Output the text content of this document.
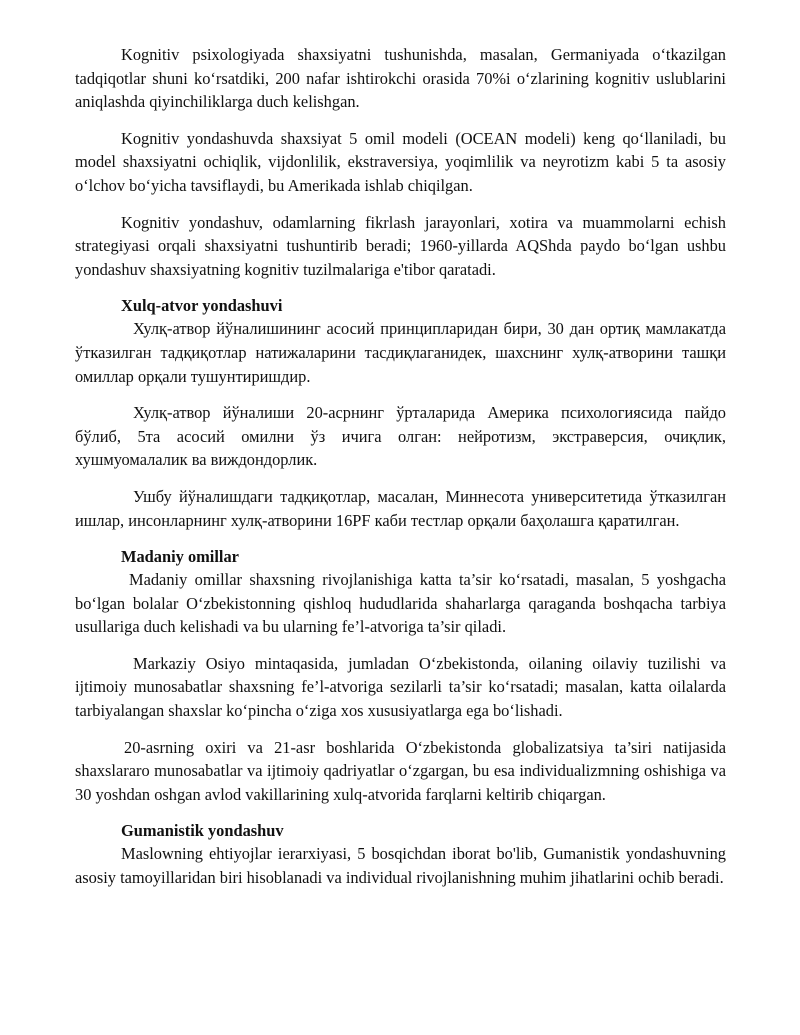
Kognitiv psixologiyada shaxsiyatni tushunishda, masalan, Germaniyada oʻtkazilgan tadqiqotlar shuni koʻrsatdiki, 200 nafar ishtirokchi orasida 70%i oʻzlarining kognitiv uslublarini aniqlashda qiyinchiliklarga duch kelishgan.

Kognitiv yondashuvda shaxsiyat 5 omil modeli (OCEAN modeli) keng qoʻllaniladi, bu model shaxsiyatni ochiqlik, vijdonlilik, ekstraversiya, yoqimlilik va neyrotizm kabi 5 ta asosiy oʻlchov boʻyicha tavsiflaydi, bu Amerikada ishlab chiqilgan.

Kognitiv yondashuv, odamlarning fikrlash jarayonlari, xotira va muammolarni echish strategiyasi orqali shaxsiyatni tushuntirib beradi; 1960-yillarda AQShda paydo boʻlgan ushbu yondashuv shaxsiyatning kognitiv tuzilmalariga e'tibor qaratadi.

Xulq-atvor yondashuvi

Хулқ-атвор йўналишининг асосий принципларидан бири, 30 дан ортиқ мамлакатда ўтказилган тадқиқотлар натижаларини тасдиқлаганидек, шахснинг хулқ-атворини ташқи омиллар орқали тушунтиришдир.

Хулқ-атвор йўналиши 20-асрнинг ўрталарида Америка психологиясида пайдо бўлиб, 5та асосий омилни ўз ичига олган: нейротизм, экстраверсия, очиқлик, хушмуомалалик ва виждондорлик.

Ушбу йўналишдаги тадқиқотлар, масалан, Миннесота университетида ўтказилган ишлар, инсонларнинг хулқ-атворини 16PF каби тестлар орқали баҳолашга қаратилган.

Madaniy omillar

Madaniy omillar shaxsning rivojlanishiga katta ta’sir koʻrsatadi, masalan, 5 yoshgacha boʻlgan bolalar Oʻzbekistonning qishloq hududlarida shaharlarga qaraganda boshqacha tarbiya usullariga duch kelishadi va bu ularning fe’l-atvoriga ta’sir qiladi.

Markaziy Osiyo mintaqasida, jumladan Oʻzbekistonda, oilaning oilaviy tuzilishi va ijtimoiy munosabatlar shaxsning fe’l-atvoriga sezilarli ta’sir koʻrsatadi; masalan, katta oilalarda tarbiyalangan shaxslar koʻpincha oʻziga xos xususiyatlarga ega boʻlishadi.

20-asrning oxiri va 21-asr boshlarida Oʻzbekistonda globalizatsiya ta’siri natijasida shaxslararo munosabatlar va ijtimoiy qadriyatlar oʻzgargan, bu esa individualizmning oshishiga va 30 yoshdan oshgan avlod vakillarining xulq-atvorida farqlarni keltirib chiqargan.

Gumanistik yondashuv

Maslowning ehtiyojlar ierarxiyasi, 5 bosqichdan iborat bo'lib, Gumanistik yondashuvning asosiy tamoyillaridan biri hisoblanadi va individual rivojlanishning muhim jihatlarini ochib beradi.
